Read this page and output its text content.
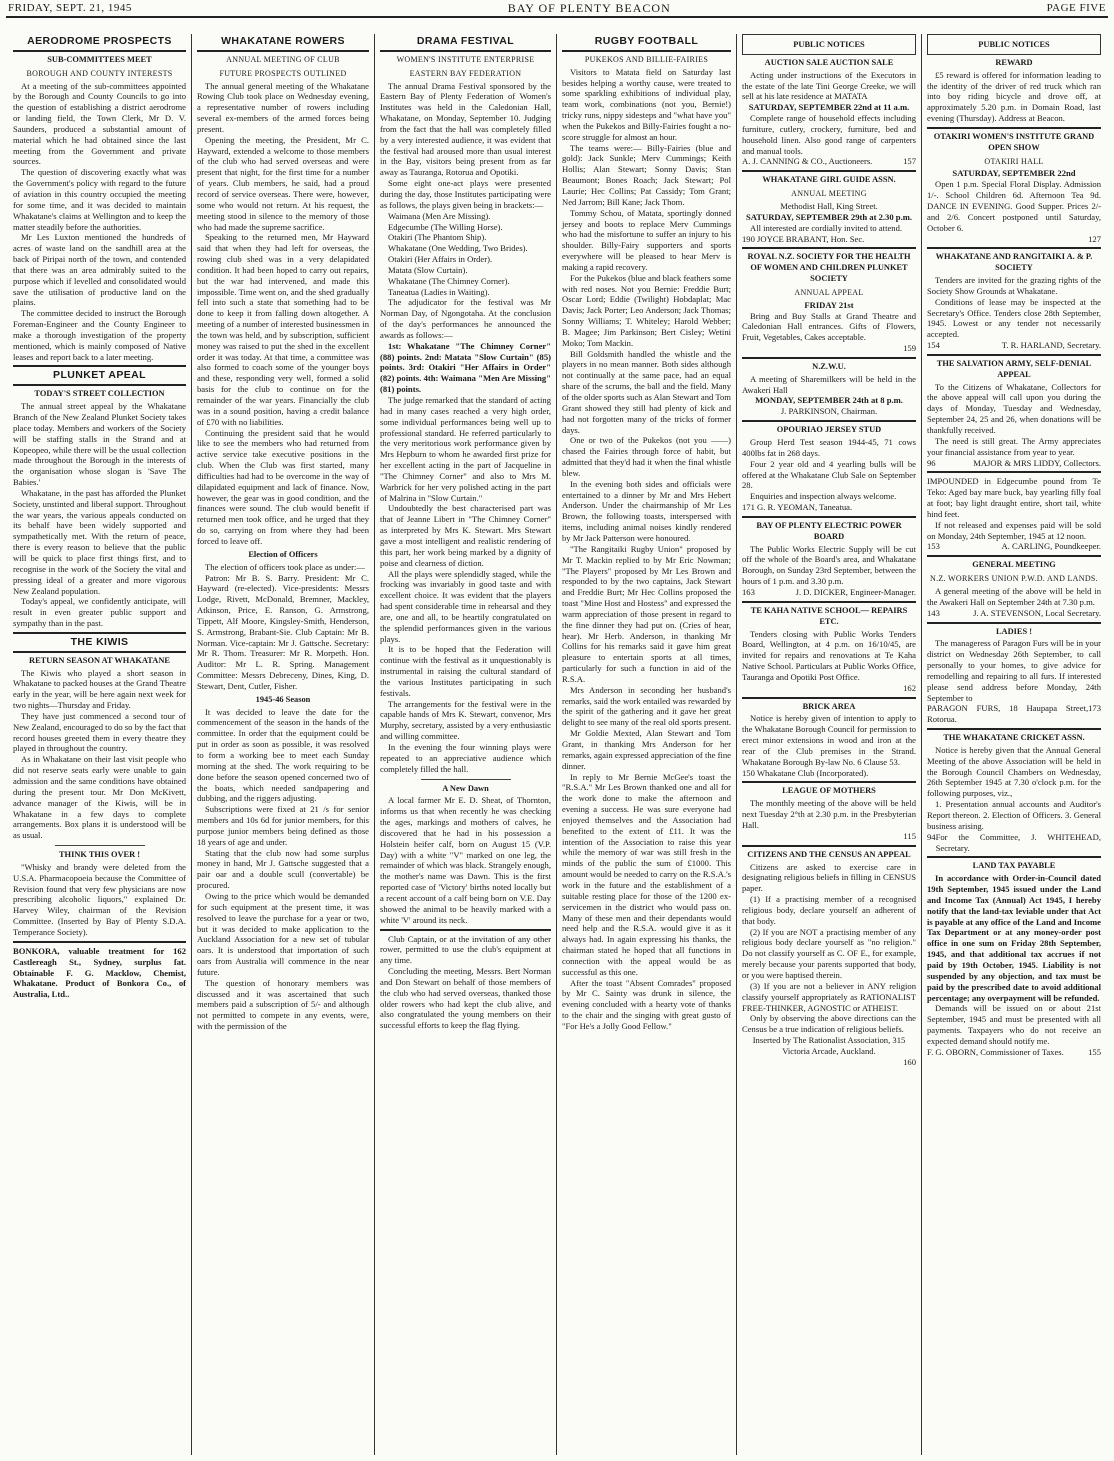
FRIDAY, SEPT. 21, 1945	BAY OF PLENTY BEACON	PAGE FIVE
AERODROME PROSPECTS
SUB-COMMITTEES MEET
BOROUGH AND COUNTY INTERESTS

At a meeting of the sub-committees appointed by the Borough and County Councils to go into the question of establishing a district aerodrome or landing field, the Town Clerk, Mr D. V. Saunders, produced a substantial amount of material which he had obtained since the last meeting from the Government and private sources.

The question of discovering exactly what was the Government's policy with regard to the future of aviation in this country occupied the meeting for some time, and it was decided to maintain Whakatane's claims at Wellington and to keep the matter steadily before the authorities.

Mr Les Luxton mentioned the hundreds of acres of waste land on the sandhill area at the back of Piripai north of the town, and contended that there was an area admirably suited to the purpose which if levelled and consolidated would save the utilisation of productive land on the plains.

The committee decided to instruct the Borough Foreman-Engineer and the County Engineer to make a thorough investigation of the property mentioned, which is mainly composed of Native leases and report back to a later meeting.

PLUNKET APEAL
TODAY'S STREET COLLECTION

The annual street appeal by the Whakatane Branch of the New Zealand Plunket Society takes place today. Members and workers of the Society will be staffing stalls in the Strand and at Kopeopeo, while there will be the usual collection made throughout the Borough in the interests of the organisation whose slogan is 'Save The Babies.'

Whakatane, in the past has afforded the Plunket Society, unstinted and liberal support. Throughout the war years, the various appeals conducted on its behalf have been widely supported and sympathetically met. With the return of peace, there is every reason to believe that the public will be quick to place first things first, and to recognise in the work of the Society the vital and pressing ideal of a greater and more vigorous New Zealand population.

Today's appeal, we confidently anticipate, will result in even greater public support and sympathy than in the past.

THE KIWIS
RETURN SEASON AT WHAKATANE

The Kiwis who played a short season in Whakatane to packed houses at the Grand Theatre early in the year, will be here again next week for two nights—Thursday and Friday.

They have just commenced a second tour of New Zealand, encouraged to do so by the fact that record houses greeted them in every theatre they played in throughout the country.

As in Whakatane on their last visit people who did not reserve seats early were unable to gain admission and the same conditions have obtained during the present tour. Mr Don McKivett, advance manager of the Kiwis, will be in Whakatane in a few days to complete arrangements. Box plans it is understood will be as usual.

THINK THIS OVER !

"Whisky and brandy were deleted from the U.S.A. Pharmacopoeia because the Committee of Revision found that very few physicians are now prescribing alcoholic liquors," explained Dr. Harvey Wiley, chairman of the Revision Committee. (Inserted by Bay of Plenty S.D.A. Temperance Society).

BONKORA, valuable treatment for 162 Castlereagh St., Sydney, surplus fat. Obtainable F. G. Macklow, Chemist, Whakatane. Product of Bonkora Co., of Australia, Ltd..

WHAKATANE ROWERS
ANNUAL MEETING OF CLUB
FUTURE PROSPECTS OUTLINED

The annual general meeting of the Whakatane Rowing Club took place on Wednesday evening, a representative number of rowers including several ex-members of the armed forces being present.

Opening the meeting, the President, Mr C. Hayward, extended a welcome to those members of the club who had served overseas and were present that night, for the first time for a number of years. Club members, he said, had a proud record of service overseas. There were, however, some who would not return. At his request, the meeting stood in silence to the memory of those who had made the supreme sacrifice.

Speaking to the returned men, Mr Hayward said that when they had left for overseas, the rowing club shed was in a very delapidated condition. It had been hoped to carry out repairs, but the war had intervened, and made this impossible. Time went on, and the shed gradually fell into such a state that something had to be done to keep it from falling down altogether. A meeting of a number of interested businessmen in the town was held, and by subscription, sufficient money was raised to put the shed in the excellent order it was today. At that time, a committee was also formed to coach some of the younger boys and these, responding very well, formed a solid basis for the club to continue on for the remainder of the war years. Financially the club was in a sound position, having a credit balance of £70 with no liabilities.

Continuing the president said that he would like to see the members who had returned from active service take executive positions in the club. When the Club was first started, many difficulties had had to be overcome in the way of dilapidated equipment and lack of finance. Now, however, the gear was in good condition, and the finances were sound. The club would benefit if returned men took office, and he urged that they do so, carrying on from where they had been forced to leave off.

Election of Officers

The election of officers took place as under:—

Patron: Mr B. S. Barry. President: Mr C. Hayward (re-elected). Vice-presidents: Messrs Lodge, Rivett, McDonald, Bremner, Mackley, Atkinson, Price, E. Ranson, G. Armstrong, Tippett, Alf Moore, Kingsley-Smith, Henderson, S. Armstrong, Brabant-Sie. Club Captain: Mr B. Norman. Vice-captain: Mr J. Gattsche. Secretary: Mr R. Thom. Treasurer: Mr R. Morpeth. Hon. Auditor: Mr L. R. Spring. Management Committee: Messrs Debreceny, Dines, King, D. Stewart, Dent, Cutler, Fisher.

1945-46 Season

It was decided to leave the date for the commencement of the season in the hands of the committee. In order that the equipment could be put in order as soon as possible, it was resolved to form a working bee to meet each Sunday morning at the shed. The work requiring to be done before the season opened concerned two of the boats, which needed sandpapering and dubbing, and the riggers adjusting.

Subscriptions were fixed at 21 /s for senior members and 10s 6d for junior members, for this purpose junior members being defined as those 18 years of age and under.

Stating that the club now had some surplus money in hand, Mr J. Gattsche suggested that a pair oar and a double scull (convertable) be procured.

Owing to the price which would be demanded for such equipment at the present time, it was resolved to leave the purchase for a year or two, but it was decided to make application to the Auckland Association for a new set of tubular oars. It is understood that importation of such oars from Australia will commence in the near future.

The question of honorary members was discussed and it was ascertained that such members paid a subscription of 5/- and although not permitted to compete in any events, were, with the permission of the

DRAMA FESTIVAL
WOMEN'S INSTITUTE ENTERPRISE
EASTERN BAY FEDERATION

The annual Drama Festival sponsored by the Eastern Bay of Plenty Federation of Women's Institutes was held in the Caledonian Hall, Whakatane, on Monday, September 10. Judging from the fact that the hall was completely filled by a very interested audience, it was evident that the festival had aroused more than usual interest in the Bay, visitors being present from as far away as Tauranga, Rotorua and Opotiki.

Some eight one-act plays were presented during the day, those Institutes participating were as follows, the plays given being in brackets:—

Waimana (Men Are Missing).

Edgecumbe (The Willing Horse).

Otakiri (The Phantom Ship).

Whakatane (One Wedding, Two Brides).

Otakiri (Her Affairs in Order).

Matata (Slow Curtain).

Whakatane (The Chimney Corner).

Taneatua (Ladies in Waiting).

The adjudicator for the festival was Mr Norman Day, of Ngongotaha. At the conclusion of the day's performances he announced the awards as follows:—

1st: Whakatane "The Chimney Corner" (88) points. 2nd: Matata "Slow Curtain" (85) points. 3rd: Otakiri "Her Affairs in Order" (82) points. 4th: Waimana "Men Are Missing" (81) points.

The judge remarked that the standard of acting had in many cases reached a very high order, some individual performances being well up to professional standard. He referred particularly to the very meritorious work performance given by Mrs Hepburn to whom he awarded first prize for her excellent acting in the part of Jacqueline in "The Chimney Corner" and also to Mrs M. Warbrick for her very polished acting in the part of Malrina in "Slow Curtain."

Undoubtedly the best characterised part was that of Jeanne Libert in "The Chimney Corner" as interpreted by Mrs K. Stewart. Mrs Stewart gave a most intelligent and realistic rendering of this part, her work being marked by a dignity of poise and clearness of diction.

All the plays were splendidly staged, while the frocking was invariably in good taste and with excellent choice. It was evident that the players had spent considerable time in rehearsal and they are, one and all, to be heartily congratulated on the splendid performances given in the various plays.

It is to be hoped that the Federation will continue with the festival as it unquestionably is instrumental in raising the cultural standard of the various Institutes participating in such festivals.

The arrangements for the festival were in the capable hands of Mrs K. Stewart, convenor, Mrs Murphy, secretary, assisted by a very enthusiastic and willing committee.

In the evening the four winning plays were repeated to an appreciative audience which completely filled the hall.

A New Dawn

A local farmer Mr E. D. Sheat, of Thornton, informs us that when recently he was checking the ages, markings and mothers of calves, he discovered that he had in his possession a Holstein heifer calf, born on August 15 (V.P. Day) with a white "V" marked on one leg, the remainder of which was black. Strangely enough, the mother's name was Dawn. This is the first reported case of 'Victory' births noted locally but a recent account of a calf being born on V.E. Day showed the animal to be heavily marked with a white 'V' around its neck.

Club Captain, or at the invitation of any other rower, permitted to use the club's equipment at any time.

Concluding the meeting, Messrs. Bert Norman and Don Stewart on behalf of those members of the club who had served overseas, thanked those older rowers who had kept the club alive, and also congratulated the young members on their successful efforts to keep the flag flying.

RUGBY FOOTBALL
PUKEKOS AND BILLIE-FAIRIES

Visitors to Matata field on Saturday last besides helping a worthy cause, were treated to some sparkling exhibitions of individual play, team work, combinations (not you, Bernie!) tricky runs, nippy sidesteps and "what have you" when the Pukekos and Billy-Fairies fought a no-score struggle for almost an hour.

The teams were:— Billy-Fairies (blue and gold): Jack Sunkle; Merv Cummings; Keith Hollis; Alan Stewart; Sonny Davis; Stan Beaumont; Bones Roach; Jack Stewart; Pol Laurie; Hec Collins; Pat Cassidy; Tom Grant; Ned Jarrom; Bill Kane; Jack Thom.

Tommy Schou, of Matata, sportingly donned jersey and boots to replace Merv Cummings who had the misfortune to suffer an injury to his shoulder. Billy-Fairy supporters and sports everywhere will be pleased to hear Merv is making a rapid recovery.

For the Pukekos (blue and black feathers some with red noses. Not you Bernie: Freddie Burt; Oscar Lord; Eddie (Twilight) Hobdaplat; Mac Davis; Jack Porter; Leo Anderson; Jack Thomas; Sonny Williams; T. Whiteley; Harold Webber; B. Magee; Jim Parkinson; Bert Cisley; Wetini Moko; Tom Mackin.

Bill Goldsmith handled the whistle and the players in no mean manner. Both sides although not continually at the same pace, had an equal share of the scrums, the ball and the field. Many of the older sports such as Alan Stewart and Tom Grant showed they still had plenty of kick and had not forgotten many of the tricks of former days.

One or two of the Pukekos (not you ——) chased the Fairies through force of habit, but admitted that they'd had it when the final whistle blew.

In the evening both sides and officials were entertained to a dinner by Mr and Mrs Hebert Anderson. Under the chairmanship of Mr Les Brown, the following toasts, interspersed with items, including animal noises kindly rendered by Mr Jack Patterson were honoured.

"The Rangitaiki Rugby Union" proposed by Mr T. Mackin replied to by Mr Eric Nowman; "The Players" proposed by Mr Les Brown and responded to by the two captains, Jack Stewart and Freddie Burt; Mr Hec Collins proposed the toast "Mine Host and Hostess" and expressed the warm appreciation of those present in regard to the fine dinner they had put on. (Cries of hear, hear). Mr Herb. Anderson, in thanking Mr Collins for his remarks said it gave him great pleasure to entertain sports at all times, particularly for such a function in aid of the R.S.A.

Mrs Anderson in seconding her husband's remarks, said the work entailed was rewarded by the spirit of the gathering and it gave her great delight to see many of the real old sports present.

Mr Goldie Mexted, Alan Stewart and Tom Grant, in thanking Mrs Anderson for her remarks, again expressed appreciation of the fine dinner.

In reply to Mr Bernie McGee's toast the "R.S.A." Mr Les Brown thanked one and all for the work done to make the afternoon and evening a success. He was sure everyone had enjoyed themselves and the Association had benefited to the extent of £11. It was the intention of the Association to raise this year while the memory of war was still fresh in the minds of the public the sum of £1000. This amount would be needed to carry on the R.S.A.'s work in the future and the establishment of a suitable resting place for those of the 1200 ex-servicemen in the district who would pass on. Many of these men and their dependants would need help and the R.S.A. would give it as it always had. In again expressing his thanks, the chairman stated he hoped that all functions in connection with the appeal would be as successful as this one.

After the toast "Absent Comrades" proposed by Mr C. Sainty was drunk in silence, the evening concluded with a hearty vote of thanks to the chair and the singing with great gusto of "For He's a Jolly Good Fellow."

PUBLIC NOTICES
AUCTION SALE AUCTION SALE

Acting under instructions of the Executors in the estate of the late Tini George Creeke, we will sell at his late residence at MATATA

SATURDAY, SEPTEMBER 22nd at 11 a.m.

Complete range of household effects including furniture, cutlery, crockery, furniture, bed and household linen. Also good range of carpenters and manual tools.

A. J. CANNING & CO., Auctioneers.	157
WHAKATANE GIRL GUIDE ASSN.
ANNUAL MEETING

Methodist Hall, King Street.

SATURDAY, SEPTEMBER 29th at 2.30 p.m.

All interested are cordially invited to attend.

190 JOYCE BRABANT, Hon. Sec.

ROYAL N.Z. SOCIETY FOR THE HEALTH OF WOMEN AND CHILDREN PLUNKET SOCIETY
ANNUAL APPEAL

FRIDAY 21st

Bring and Buy Stalls at Grand Theatre and Caledonian Hall entrances. Gifts of Flowers, Fruit, Vegetables, Cakes acceptable.

159

N.Z.W.U.

A meeting of Sharemilkers will be held in the Awakeri Hall

MONDAY, SEPTEMBER 24th at 8 p.m.

J. PARKINSON, Chairman.

OPOURIAO JERSEY STUD

Group Herd Test season 1944-45, 71 cows 400lbs fat in 268 days.

Four 2 year old and 4 yearling bulls will be offered at the Whakatane Club Sale on September 28.

Enquiries and inspection always welcome.

171 G. R. YEOMAN, Taneatua.

BAY OF PLENTY ELECTRIC POWER BOARD

The Public Works Electric Supply will be cut off the whole of the Board's area, and Whakatane Borough, on Sunday 23rd September, between the hours of 1 p.m. and 3.30 p.m.

163	J. D. DICKER, Engineer-Manager.
TE KAHA NATIVE SCHOOL— REPAIRS ETC.

Tenders closing with Public Works Tenders Board, Wellington, at 4 p.m. on 16/10/45, are invited for repairs and renovations at Te Kaha Native School. Particulars at Public Works Office, Tauranga and Opotiki Post Office.

162

BRICK AREA

Notice is hereby given of intention to apply to the Whakatane Borough Council for permission to erect minor extensions in wood and iron at the rear of the Club premises in the Strand. Whakatane Borough By-law No. 6 Clause 53.

150 Whakatane Club (Incorporated).

LEAGUE OF MOTHERS

The monthly meeting of the above will be held next Tuesday 2°th at 2.30 p.m. in the Presbyterian Hall.

115

CITIZENS AND THE CENSUS AN APPEAL

Citizens are asked to exercise care in designating religious beliefs in filling in CENSUS paper.

(1) If a practising member of a recognised religious body, declare yourself an adherent of that body.

(2) If you are NOT a practising member of any religious body declare yourself as "no religion." Do not classify yourself as C. OF E., for example, merely because your parents supported that body, or you were baptised therein.

(3) If you are not a believer in ANY religion classify yourself appropriately as RATIONALIST FREE-THINKER, AGNOSTIC or ATHEIST.

Only by observing the above directions can the Census be a true indication of religious beliefs.

Inserted by The Rationalist Association, 315 Victoria Arcade, Auckland.

160

PUBLIC NOTICES
REWARD

£5 reward is offered for information leading to the identity of the driver of red truck which ran into boy riding bicycle and drove off, at approximately 5.20 p.m. in Domain Road, last evening (Thursday). Address at Beacon.

OTAKIRI WOMEN'S INSTITUTE GRAND OPEN SHOW
OTAKIRI HALL

SATURDAY, SEPTEMBER 22nd

Open 1 p.m. Special Floral Display. Admission 1/-. School Children 6d. Afternoon Tea 9d. DANCE IN EVENING. Good Supper. Prices 2/- and 2/6. Concert postponed until Saturday, October 6.

127

WHAKATANE AND RANGITAIKI A. & P. SOCIETY

Tenders are invited for the grazing rights of the Society Show Grounds at Whakatane.

Conditions of lease may be inspected at the Secretary's Office. Tenders close 28th September, 1945. Lowest or any tender not necessarily accepted.

154	T. R. HARLAND, Secretary.
THE SALVATION ARMY, SELF-DENIAL APPEAL

To the Citizens of Whakatane, Collectors for the above appeal will call upon you during the days of Monday, Tuesday and Wednesday, September 24, 25 and 26, when donations will be thankfully received.

The need is still great. The Army appreciates your financial assistance from year to year.

96	MAJOR & MRS LIDDY, Collectors.

IMPOUNDED in Edgecumbe pound from Te Teko: Aged bay mare buck, bay yearling filly foal at foot; bay light draught entire, short tail, white hind feet.

If not released and expenses paid will be sold on Monday, 24th September, 1945 at 12 noon.

153	A. CARLING, Poundkeeper.
GENERAL MEETING
N.Z. WORKERS UNION P.W.D. AND LANDS.

A general meeting of the above will be held in the Awakeri Hall on September 24th at 7.30 p.m.

143	J. A. STEVENSON, Local Secretary.
LADIES !

The manageress of Paragon Furs will be in your district on Wednesday 26th September, to call personally to your homes, to give advice for remodelling and repairing to all furs. If interested please send address before Monday, 24th September to

PARAGON FURS, 18 Haupapa Street, Rotorua.
173
THE WHAKATANE CRICKET ASSN.

Notice is hereby given that the Annual General Meeting of the above Association will be held in the Borough Council Chambers on Wednesday, 26th September 1945 at 7.30 o'clock p.m. for the following purposes, viz.,

1. Presentation annual accounts and Auditor's Report thereon. 2. Election of Officers. 3. General business arising.

94 For the Committee, J. WHITEHEAD, Secretary.
LAND TAX PAYABLE

In accordance with Order-in-Council dated 19th September, 1945 issued under the Land and Income Tax (Annual) Act 1945, I hereby notify that the land-tax leviable under that Act is payable at any office of the Land and Income Tax Department or at any money-order post office in one sum on Friday 28th September, 1945, and that additional tax accrues if not paid by 19th October, 1945. Liability is not suspended by any objection, and tax must be paid by the prescribed date to avoid additional percentage; any overpayment will be refunded.

Demands will be issued on or about 21st September, 1945 and must be presented with all payments. Taxpayers who do not receive an expected demand should notify me.

F. G. OBORN, Commissioner of Taxes.	155
